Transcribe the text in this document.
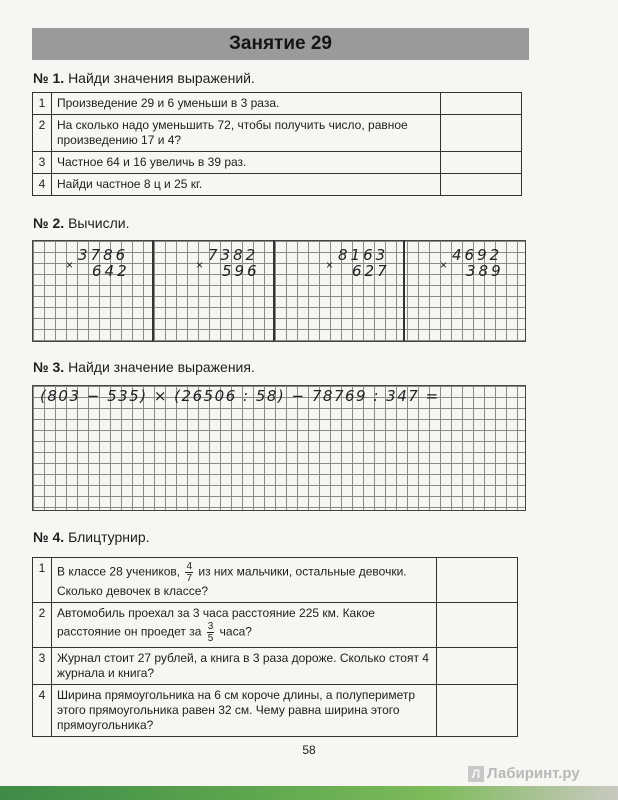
Занятие 29
№ 1. Найди значения выражений.
1	Произведение 29 и 6 уменьши в 3 раза.	
2	На сколько надо уменьшить 72, чтобы получить число, равное произведению 17 и 4?	
3	Частное 64 и 16 увеличь в 39 раз.	
4	Найди частное 8 ц и 25 кг.	
№ 2. Вычисли.
×
3786
642	×
7382
596	×
8163
627	×
4692
389
№ 3. Найди значение выражения.
(803 − 535) × (26506 : 58) − 78769 : 347 =
№ 4. Блицтурнир.
1	В классе 28 учеников, $\frac{4}{7}$ из них мальчики, остальные девочки. Сколько девочек в классе?	
2	Автомобиль проехал за 3 часа расстояние 225 км. Какое расстояние он проедет за $\frac{3}{5}$ часа?	
3	Журнал стоит 27 рублей, а книга в 3 раза дороже. Сколько стоят 4 журнала и книга?	
4	Ширина прямоугольника на 6 см короче длины, а полупериметр этого прямоугольника равен 32 см. Чему равна ширина этого прямоугольника?	
58
Л Лабиринт.ру
